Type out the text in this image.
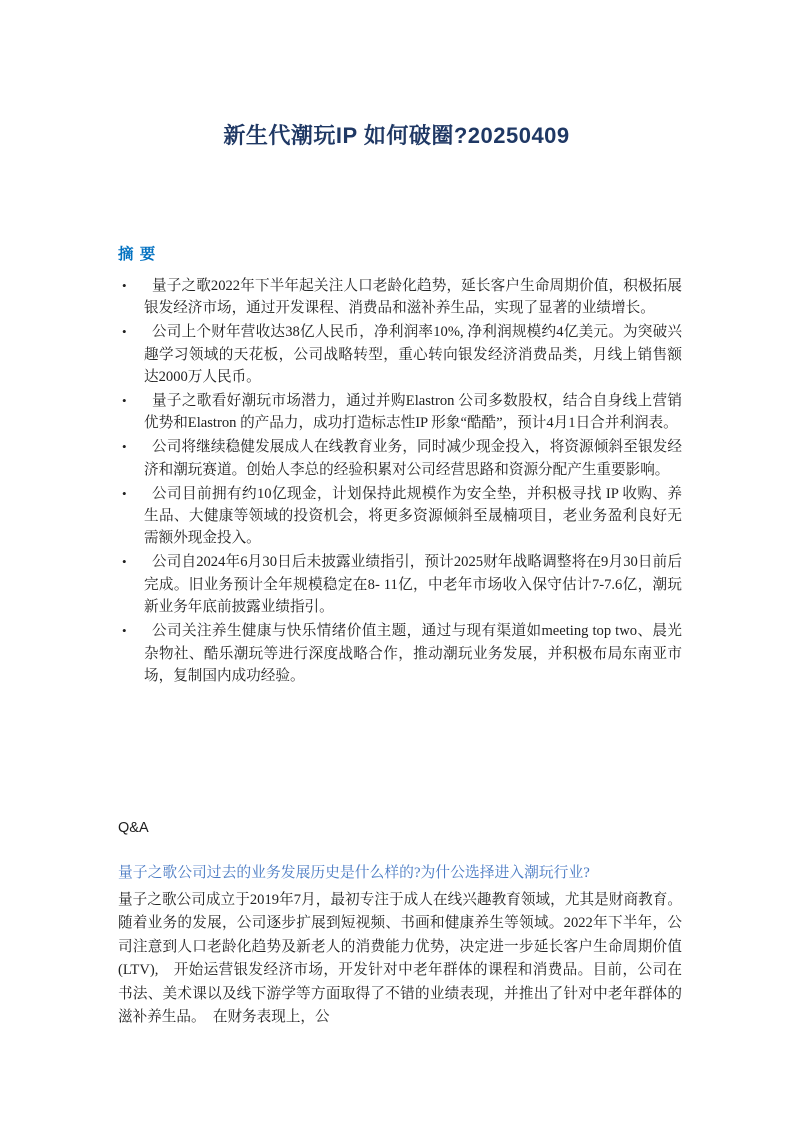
新生代潮玩IP 如何破圈?20250409
摘 要
• 量子之歌2022年下半年起关注人口老龄化趋势，延长客户生命周期价值，积极拓展银发经济市场，通过开发课程、消费品和滋补养生品，实现了显著的业绩增长。
• 公司上个财年营收达38亿人民币，净利润率10%, 净利润规模约4亿美元。为突破兴趣学习领域的天花板，公司战略转型，重心转向银发经济消费品类，月线上销售额达2000万人民币。
• 量子之歌看好潮玩市场潜力，通过并购Elastron 公司多数股权，结合自身线上营销优势和Elastron 的产品力，成功打造标志性IP 形象“酷酷”，预计4月1日合并利润表。
• 公司将继续稳健发展成人在线教育业务，同时减少现金投入，将资源倾斜至银发经济和潮玩赛道。创始人李总的经验积累对公司经营思路和资源分配产生重要影响。
• 公司目前拥有约10亿现金，计划保持此规模作为安全垫，并积极寻找 IP 收购、养生品、大健康等领域的投资机会，将更多资源倾斜至晟楠项目，老业务盈利良好无需额外现金投入。
• 公司自2024年6月30日后未披露业绩指引，预计2025财年战略调整将在9月30日前后完成。旧业务预计全年规模稳定在8- 11亿，中老年市场收入保守估计7-7.6亿，潮玩新业务年底前披露业绩指引。
• 公司关注养生健康与快乐情绪价值主题，通过与现有渠道如meeting top two、晨光杂物社、酷乐潮玩等进行深度战略合作，推动潮玩业务发展，并积极布局东南亚市场，复制国内成功经验。
Q&A
量子之歌公司过去的业务发展历史是什么样的?为什公选择进入潮玩行业?
量子之歌公司成立于2019年7月，最初专注于成人在线兴趣教育领域，尤其是财商教育。随着业务的发展，公司逐步扩展到短视频、书画和健康养生等领域。2022年下半年，公司注意到人口老龄化趋势及新老人的消费能力优势，决定进一步延长客户生命周期价值 (LTV),　开始运营银发经济市场，开发针对中老年群体的课程和消费品。目前，公司在书法、美术课以及线下游学等方面取得了不错的业绩表现，并推出了针对中老年群体的滋补养生品。　在财务表现上，公
